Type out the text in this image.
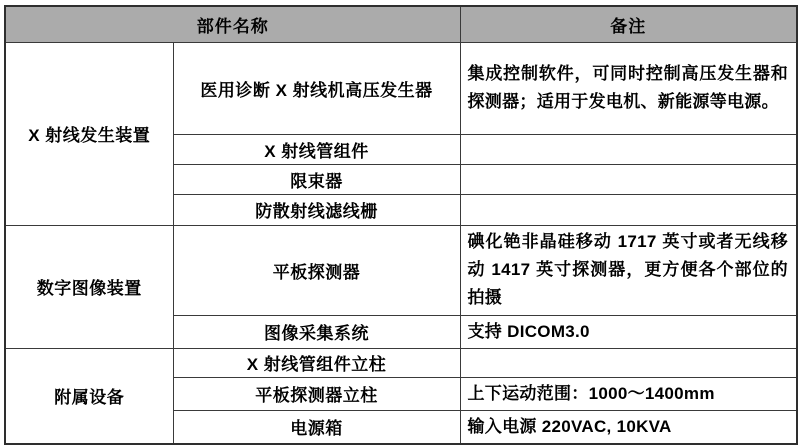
部件名称		备注
X 射线发生装置	医用诊断 X 射线机高压发生器	集成控制软件，可同时控制高压发生器和探测器；适用于发电机、新能源等电源。
	X 射线管组件	
	限束器	
	防散射线滤线栅	
数字图像装置	平板探测器	碘化铯非晶硅移动 1717 英寸或者无线移动 1417 英寸探测器，更方便各个部位的拍摄
	图像采集系统	支持 DICOM3.0
附属设备	X 射线管组件立柱	
	平板探测器立柱	上下运动范围：1000～1400mm
	电源箱	输入电源 220VAC, 10KVA
